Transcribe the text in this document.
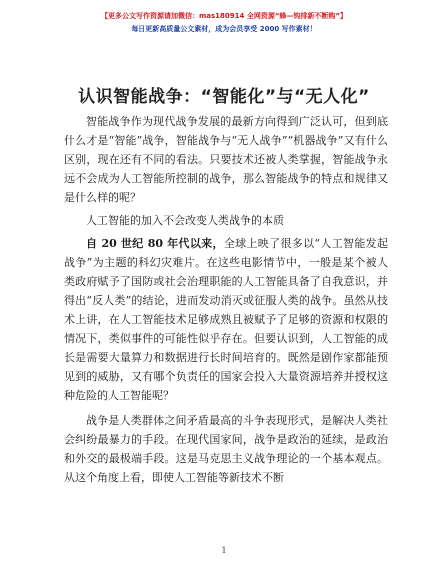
【更多公文写作资源请加微信：mas180914 全网资源“蜂—钩排新不断购”】
每日更新高质量公文素材，成为会员享受 2000 写作素材！
认识智能战争：“智能化”与“无人化”

智能战争作为现代战争发展的最新方向得到广泛认可，但到底什么才是“智能”战争，智能战争与“无人战争”“机器战争”又有什么区别，现在还有不同的看法。只要技术还被人类掌握，智能战争永远不会成为人工智能所控制的战争，那么智能战争的特点和规律又是什么样的呢？

人工智能的加入不会改变人类战争的本质

自 20 世纪 80 年代以来，全球上映了很多以“人工智能发起战争”为主题的科幻灾难片。在这些电影情节中，一般是某个被人类政府赋予了国防或社会治理职能的人工智能具备了自我意识，并得出“反人类”的结论，进而发动消灭或征服人类的战争。虽然从技术上讲，在人工智能技术足够成熟且被赋予了足够的资源和权限的情况下，类似事件的可能性似乎存在。但要认识到，人工智能的成长是需要大量算力和数据进行长时间培育的。既然是剧作家都能预见到的威胁，又有哪个负责任的国家会投入大量资源培养并授权这种危险的人工智能呢？

战争是人类群体之间矛盾最高的斗争表现形式，是解决人类社会纠纷最暴力的手段。在现代国家间，战争是政治的延续，是政治和外交的最极端手段。这是马克思主义战争理论的一个基本观点。从这个角度上看，即使人工智能等新技术不断

1
